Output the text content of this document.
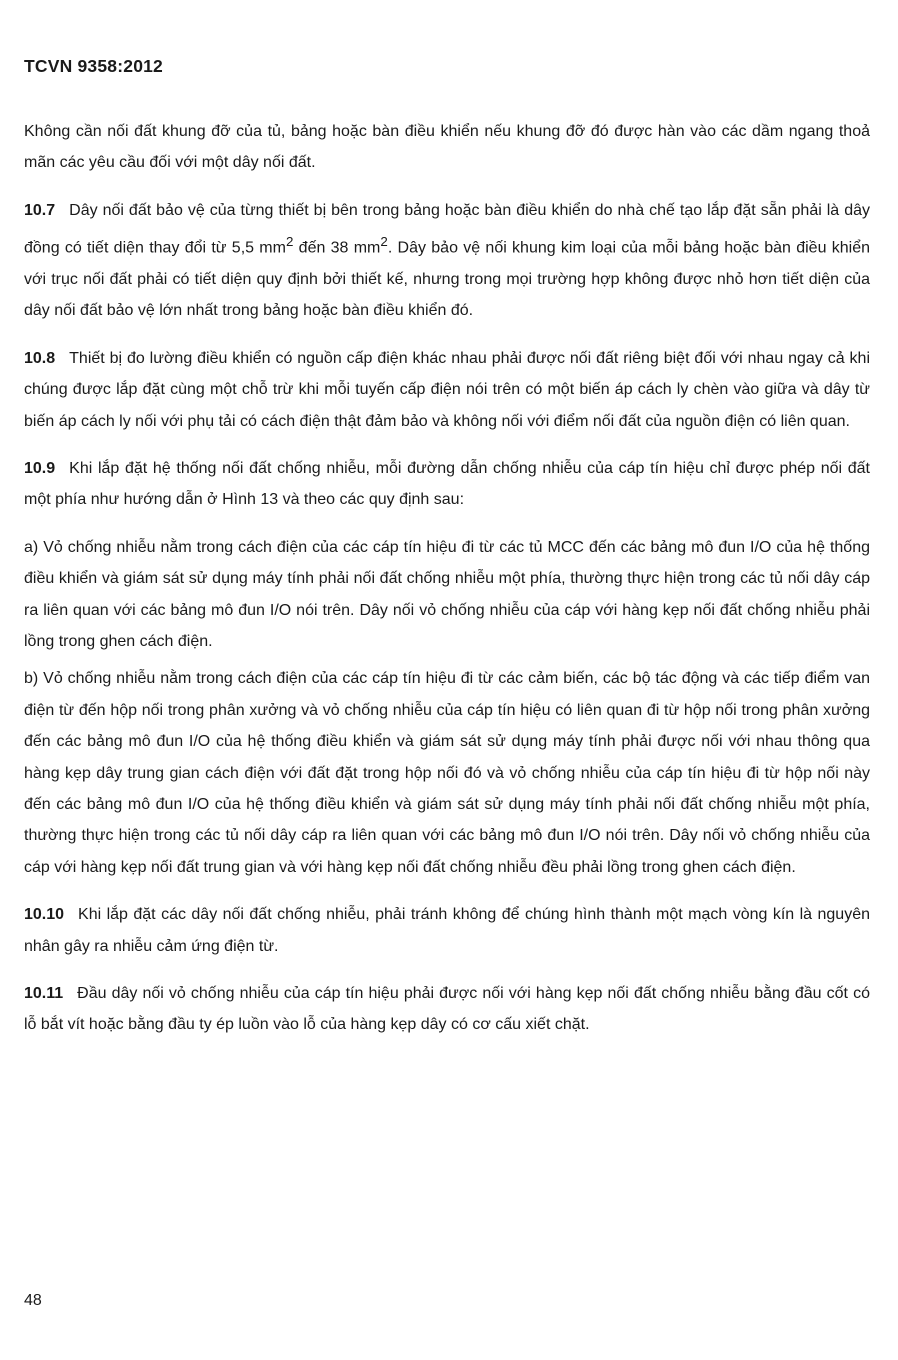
TCVN 9358:2012

Không cần nối đất khung đỡ của tủ, bảng hoặc bàn điều khiển nếu khung đỡ đó được hàn vào các dầm ngang thoả mãn các yêu cầu đối với một dây nối đất.

10.7 Dây nối đất bảo vệ của từng thiết bị bên trong bảng hoặc bàn điều khiển do nhà chế tạo lắp đặt sẵn phải là dây đồng có tiết diện thay đổi từ 5,5 $mm^2$ đến 38 $mm^2$. Dây bảo vệ nối khung kim loại của mỗi bảng hoặc bàn điều khiển với trục nối đất phải có tiết diện quy định bởi thiết kế, nhưng trong mọi trường hợp không được nhỏ hơn tiết diện của dây nối đất bảo vệ lớn nhất trong bảng hoặc bàn điều khiển đó.

10.8 Thiết bị đo lường điều khiển có nguồn cấp điện khác nhau phải được nối đất riêng biệt đối với nhau ngay cả khi chúng được lắp đặt cùng một chỗ trừ khi mỗi tuyến cấp điện nói trên có một biến áp cách ly chèn vào giữa và dây từ biến áp cách ly nối với phụ tải có cách điện thật đảm bảo và không nối với điểm nối đất của nguồn điện có liên quan.

10.9 Khi lắp đặt hệ thống nối đất chống nhiễu, mỗi đường dẫn chống nhiễu của cáp tín hiệu chỉ được phép nối đất một phía như hướng dẫn ở Hình 13 và theo các quy định sau:

a) Vỏ chống nhiễu nằm trong cách điện của các cáp tín hiệu đi từ các tủ MCC đến các bảng mô đun I/O của hệ thống điều khiển và giám sát sử dụng máy tính phải nối đất chống nhiễu một phía, thường thực hiện trong các tủ nối dây cáp ra liên quan với các bảng mô đun I/O nói trên. Dây nối vỏ chống nhiễu của cáp với hàng kẹp nối đất chống nhiễu phải lồng trong ghen cách điện.

b) Vỏ chống nhiễu nằm trong cách điện của các cáp tín hiệu đi từ các cảm biến, các bộ tác động và các tiếp điểm van điện từ đến hộp nối trong phân xưởng và vỏ chống nhiễu của cáp tín hiệu có liên quan đi từ hộp nối trong phân xưởng đến các bảng mô đun I/O của hệ thống điều khiển và giám sát sử dụng máy tính phải được nối với nhau thông qua hàng kẹp dây trung gian cách điện với đất đặt trong hộp nối đó và vỏ chống nhiễu của cáp tín hiệu đi từ hộp nối này đến các bảng mô đun I/O của hệ thống điều khiển và giám sát sử dụng máy tính phải nối đất chống nhiễu một phía, thường thực hiện trong các tủ nối dây cáp ra liên quan với các bảng mô đun I/O nói trên. Dây nối vỏ chống nhiễu của cáp với hàng kẹp nối đất trung gian và với hàng kẹp nối đất chống nhiễu đều phải lồng trong ghen cách điện.

10.10 Khi lắp đặt các dây nối đất chống nhiễu, phải tránh không để chúng hình thành một mạch vòng kín là nguyên nhân gây ra nhiễu cảm ứng điện từ.

10.11 Đầu dây nối vỏ chống nhiễu của cáp tín hiệu phải được nối với hàng kẹp nối đất chống nhiễu bằng đầu cốt có lỗ bắt vít hoặc bằng đầu ty ép luồn vào lỗ của hàng kẹp dây có cơ cấu xiết chặt.

48
